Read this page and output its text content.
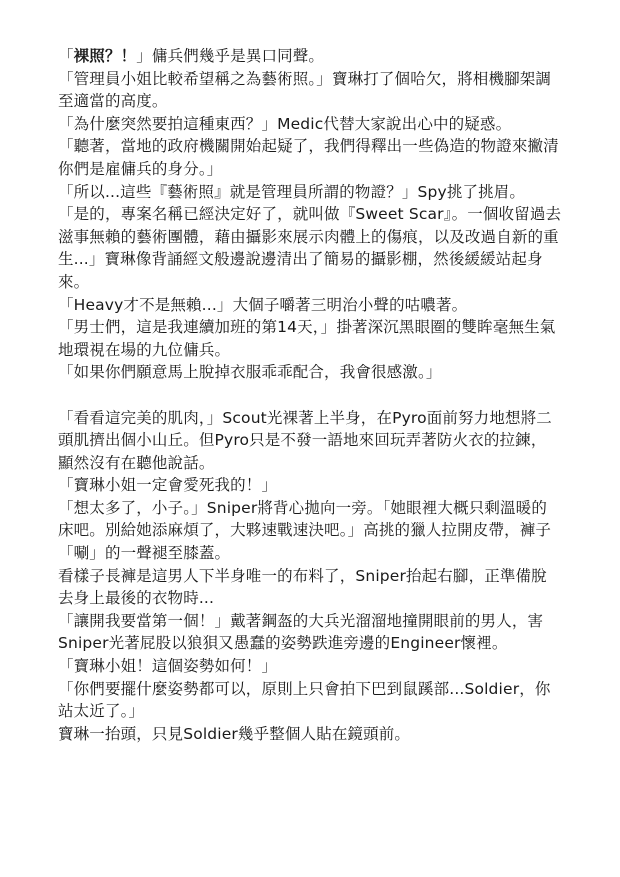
「裸照？！」傭兵們幾乎是異口同聲。
「管理員小姐比較希望稱之為藝術照。」寶琳打了個哈欠，將相機腳架調至適當的高度。
「為什麼突然要拍這種東西？」Medic代替大家說出心中的疑惑。
「聽著，當地的政府機關開始起疑了，我們得釋出一些偽造的物證來撇清你們是雇傭兵的身分。」
「所以...這些『藝術照』就是管理員所謂的物證？」Spy挑了挑眉。
「是的，專案名稱已經決定好了，就叫做『Sweet Scar』。一個收留過去滋事無賴的藝術團體，藉由攝影來展示肉體上的傷痕，以及改過自新的重生...」寶琳像背誦經文般邊說邊清出了簡易的攝影棚，然後緩緩站起身來。
「Heavy才不是無賴...」大個子嚼著三明治小聲的咕噥著。
「男士們，這是我連續加班的第14天，」掛著深沉黑眼圈的雙眸毫無生氣地環視在場的九位傭兵。
「如果你們願意馬上脫掉衣服乖乖配合，我會很感激。」
「看看這完美的肌肉，」Scout光裸著上半身，在Pyro面前努力地想將二頭肌擠出個小山丘。但Pyro只是不發一語地來回玩弄著防火衣的拉鍊，顯然沒有在聽他說話。
「寶琳小姐一定會愛死我的！」
「想太多了，小子。」Sniper將背心拋向一旁。「她眼裡大概只剩溫暖的床吧。別給她添麻煩了，大夥速戰速決吧。」高挑的獵人拉開皮帶，褲子「唰」的一聲褪至膝蓋。
看樣子長褲是這男人下半身唯一的布料了，Sniper抬起右腳，正準備脫去身上最後的衣物時...
「讓開我要當第一個！」戴著鋼盔的大兵光溜溜地撞開眼前的男人，害Sniper光著屁股以狼狽又愚蠢的姿勢跌進旁邊的Engineer懷裡。
「寶琳小姐！這個姿勢如何！」
「你們要擺什麼姿勢都可以，原則上只會拍下巴到鼠蹊部...Soldier，你站太近了。」
寶琳一抬頭，只見Soldier幾乎整個人貼在鏡頭前。
